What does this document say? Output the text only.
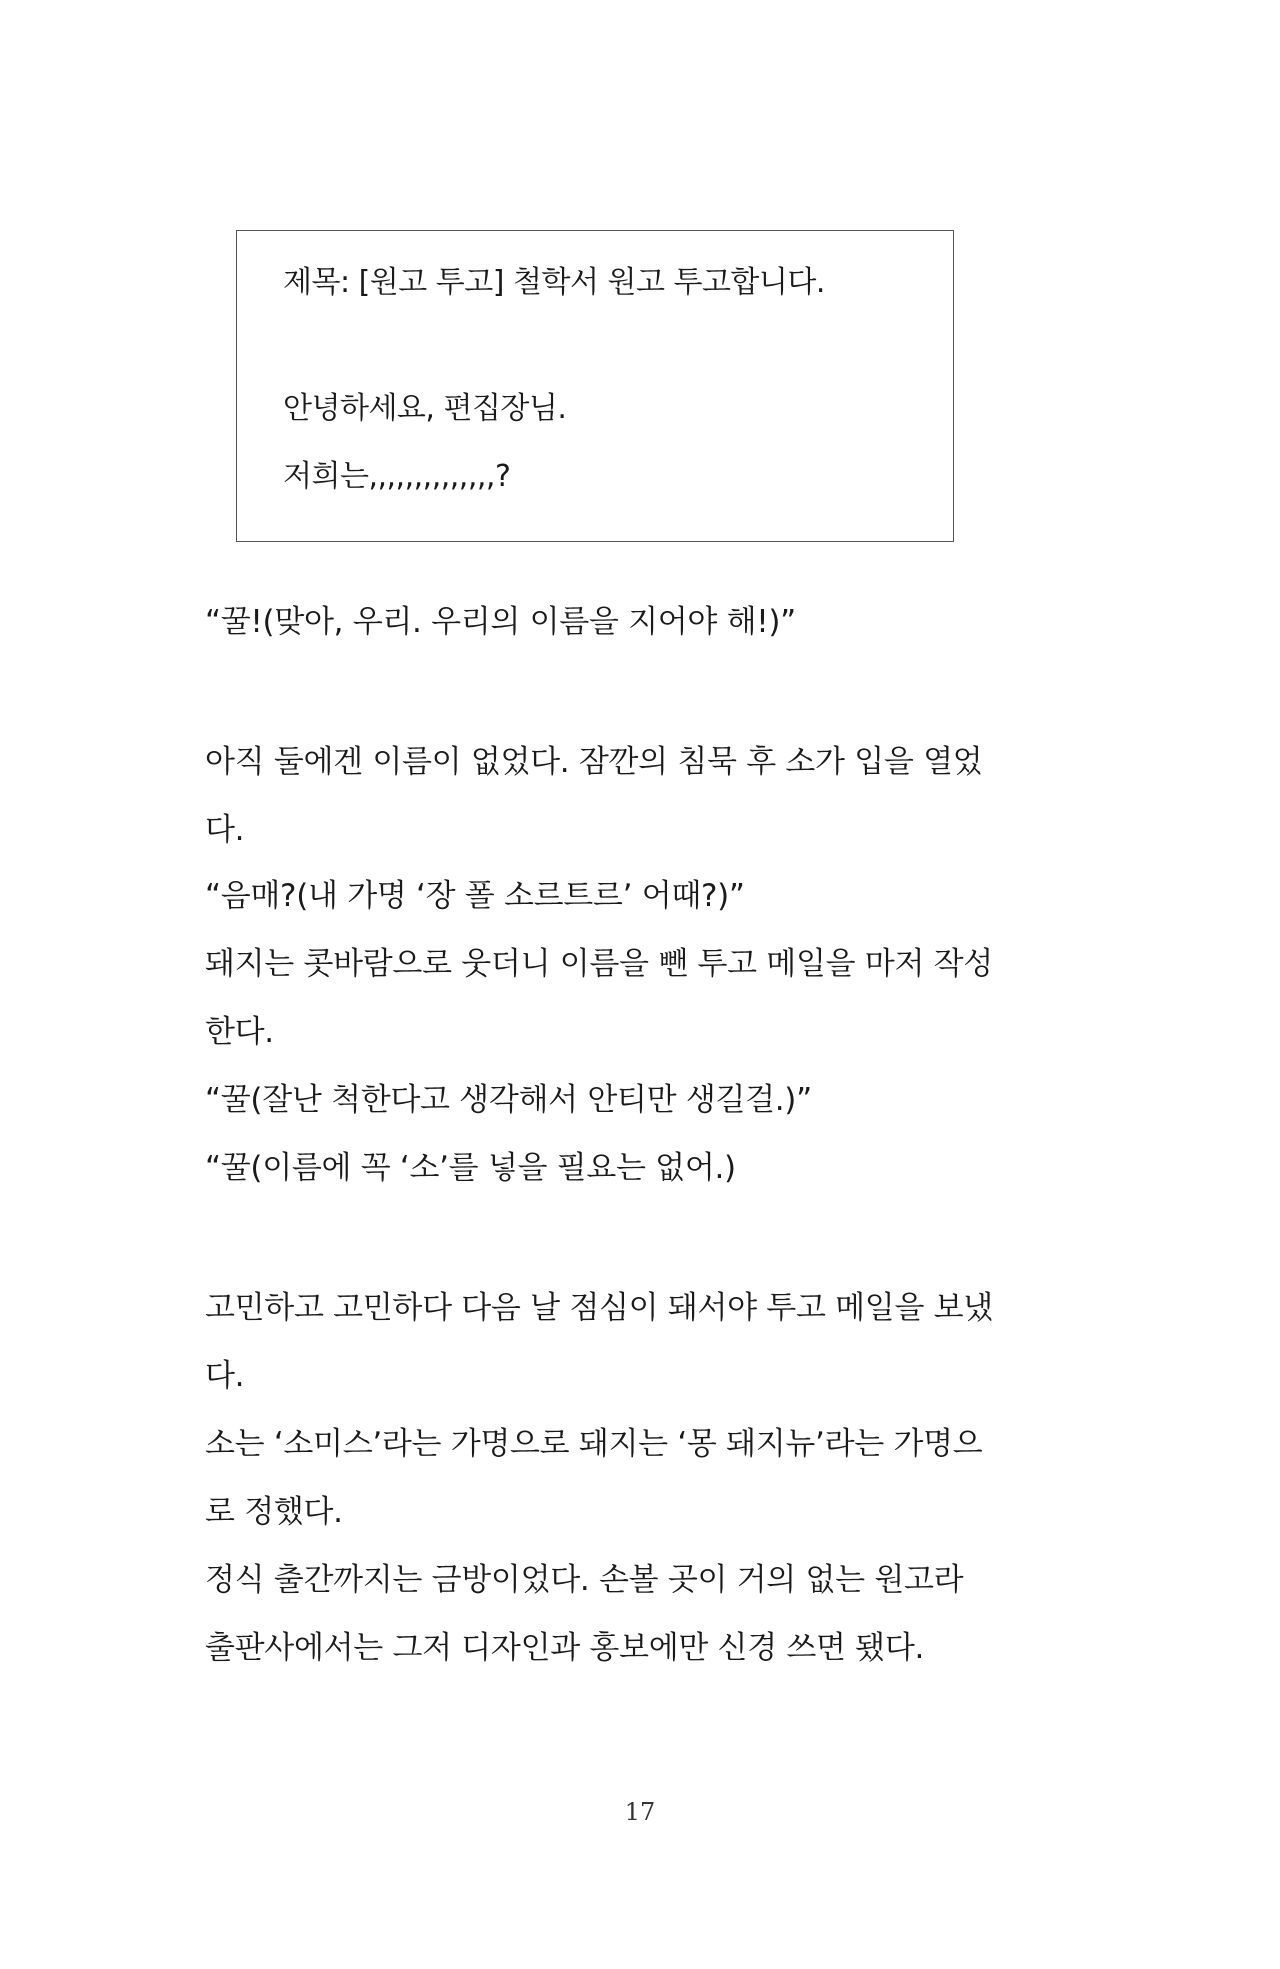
제목: [원고 투고] 철학서 원고 투고합니다.
안녕하세요, 편집장님.
저희는,,,,,,,,,,,,,,?
“꿀!(맞아, 우리. 우리의 이름을 지어야 해!)”
아직 둘에겐 이름이 없었다. 잠깐의 침묵 후 소가 입을 열었
다.
“음매?(내 가명 ‘장 폴 소르트르’ 어때?)”
돼지는 콧바람으로 웃더니 이름을 뺀 투고 메일을 마저 작성
한다.
“꿀(잘난 척한다고 생각해서 안티만 생길걸.)”
“꿀(이름에 꼭 ‘소’를 넣을 필요는 없어.)
고민하고 고민하다 다음 날 점심이 돼서야 투고 메일을 보냈
다.
소는 ‘소미스’라는 가명으로 돼지는 ‘몽 돼지뉴’라는 가명으
로 정했다.
정식 출간까지는 금방이었다. 손볼 곳이 거의 없는 원고라
출판사에서는 그저 디자인과 홍보에만 신경 쓰면 됐다.
17
